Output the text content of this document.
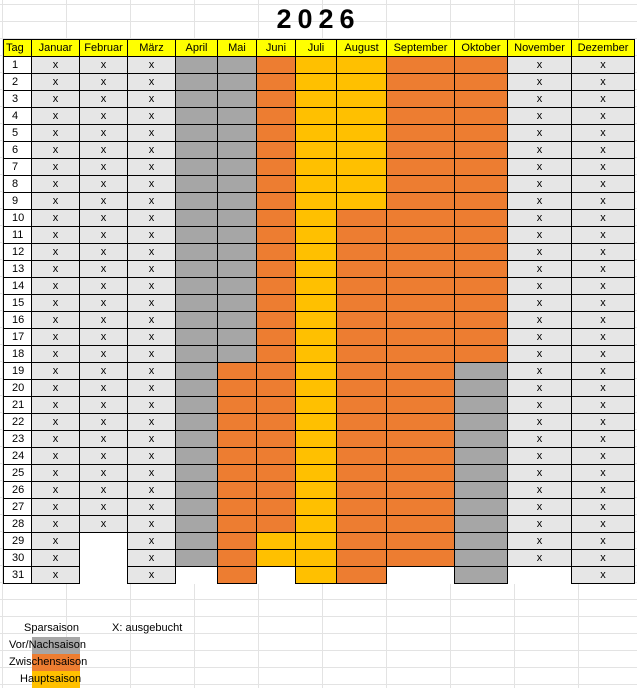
2026
Tag	Januar	Februar	März	April	Mai	Juni	Juli	August	September	Oktober	November	Dezember
1	x	x	x								x	x
2	x	x	x								x	x
3	x	x	x								x	x
4	x	x	x								x	x
5	x	x	x								x	x
6	x	x	x								x	x
7	x	x	x								x	x
8	x	x	x								x	x
9	x	x	x								x	x
10	x	x	x								x	x
11	x	x	x								x	x
12	x	x	x								x	x
13	x	x	x								x	x
14	x	x	x								x	x
15	x	x	x								x	x
16	x	x	x								x	x
17	x	x	x								x	x
18	x	x	x								x	x
19	x	x	x								x	x
20	x	x	x								x	x
21	x	x	x								x	x
22	x	x	x								x	x
23	x	x	x								x	x
24	x	x	x								x	x
25	x	x	x								x	x
26	x	x	x								x	x
27	x	x	x								x	x
28	x	x	x								x	x
29	x		x								x	x
30	x		x								x	x
31	x		x									x
Sparsaison	X: ausgebucht
Vor/Nachsaison
Zwischensaison
Hauptsaison
